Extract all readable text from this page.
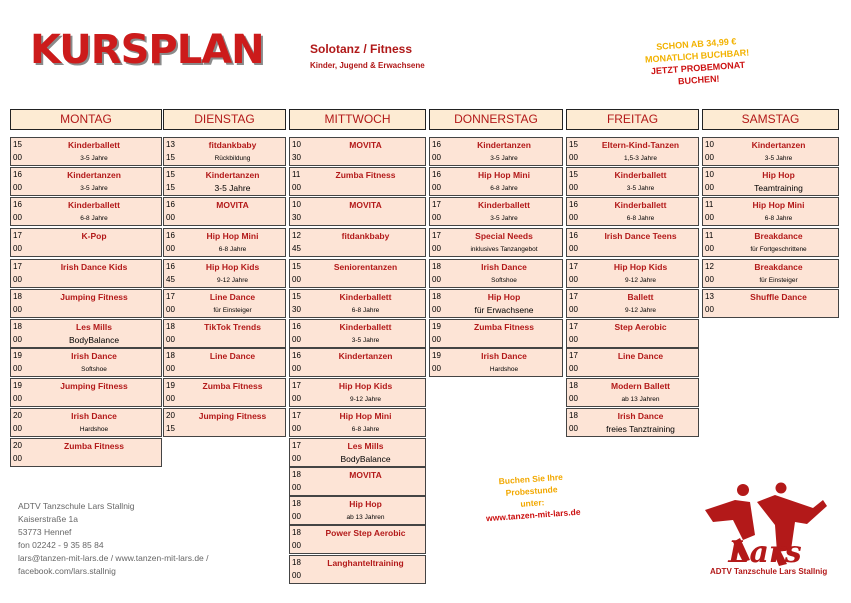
KURSPLAN	Solotanz / Fitness
Kinder, Jugend & Erwachsene
SCHON AB 34,99 €
MONATLICH BUCHBAR!
JETZT PROBEMONAT
BUCHEN!
MONTAG
15
00
Kinderballett
3-5 Jahre
16
00
Kindertanzen
3-5 Jahre
16
00
Kinderballett
6-8 Jahre
17
00
K-Pop
17
00
Irish Dance Kids
18
00
Jumping Fitness
18
00
Les Mills
BodyBalance
19
00
Irish Dance
Softshoe
19
00
Jumping Fitness
20
00
Irish Dance
Hardshoe
20
00
Zumba Fitness
DIENSTAG
13
15
fitdankbaby
Rückbildung
15
15
Kindertanzen
3-5 Jahre
16
00
MOVITA
16
00
Hip Hop Mini
6-8 Jahre
16
45
Hip Hop Kids
9-12 Jahre
17
00
Line Dance
für Einsteiger
18
00
TikTok Trends
18
00
Line Dance
19
00
Zumba Fitness
20
15
Jumping Fitness
MITTWOCH
10
30
MOVITA
11
00
Zumba Fitness
10
30
MOVITA
12
45
fitdankbaby
15
00
Seniorentanzen
15
30
Kinderballett
6-8 Jahre
16
00
Kinderballett
3-5 Jahre
16
00
Kindertanzen
17
00
Hip Hop Kids
9-12 Jahre
17
00
Hip Hop Mini
6-8 Jahre
17
00
Les Mills
BodyBalance
18
00
MOVITA
18
00
Hip Hop
ab 13 Jahren
18
00
Power Step Aerobic
18
00
Langhanteltraining
DONNERSTAG
16
00
Kindertanzen
3-5 Jahre
16
00
Hip Hop Mini
6-8 Jahre
17
00
Kinderballett
3-5 Jahre
17
00
Special Needs
inklusives Tanzangebot
18
00
Irish Dance
Softshoe
18
00
Hip Hop
für Erwachsene
19
00
Zumba Fitness
19
00
Irish Dance
Hardshoe
FREITAG
15
00
Eltern-Kind-Tanzen
1,5-3 Jahre
15
00
Kinderballett
3-5 Jahre
16
00
Kinderballett
6-8 Jahre
16
00
Irish Dance Teens
17
00
Hip Hop Kids
9-12 Jahre
17
00
Ballett
9-12 Jahre
17
00
Step Aerobic
17
00
Line Dance
18
00
Modern Ballett
ab 13 Jahren
18
00
Irish Dance
freies Tanztraining
SAMSTAG
10
00
Kindertanzen
3-5 Jahre
10
00
Hip Hop
Teamtraining
11
00
Hip Hop Mini
6-8 Jahre
11
00
Breakdance
für Fortgeschrittene
12
00
Breakdance
für Einsteiger
13
00
Shuffle Dance
ADTV Tanzschule Lars Stallnig
Kaiserstraße 1a
53773 Hennef
fon 02242 - 9 35 85 84
lars@tanzen-mit-lars.de / www.tanzen-mit-lars.de /
facebook.com/lars.stallnig
Buchen Sie Ihre
Probestunde
unter:
www.tanzen-mit-lars.de
Lars
ADTV Tanzschule Lars Stallnig
